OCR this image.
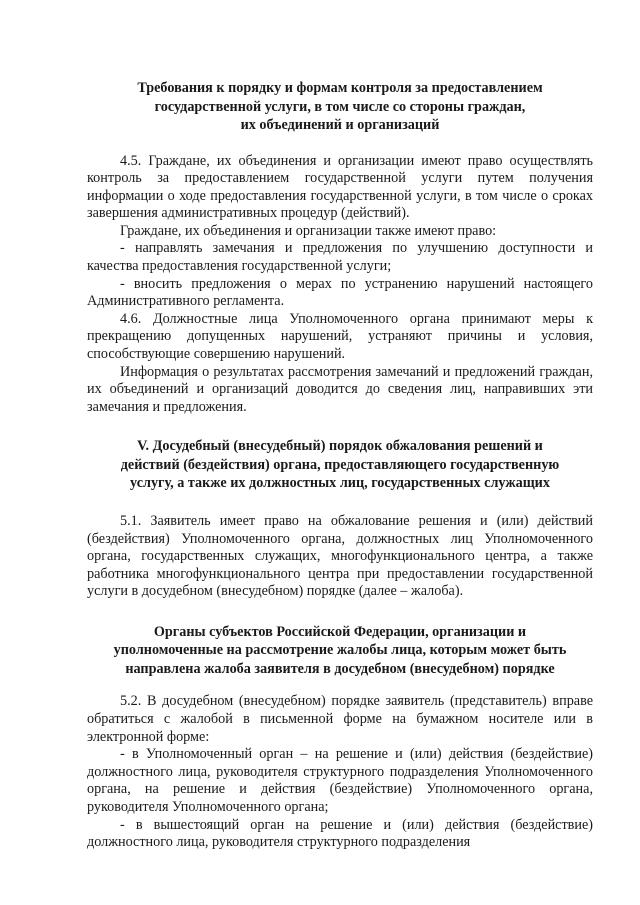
Требования к порядку и формам контроля за предоставлением
государственной услуги, в том числе со стороны граждан,
их объединений и организаций

4.5. Граждане, их объединения и организации имеют право осуществлять контроль за предоставлением государственной услуги путем получения информации о ходе предоставления государственной услуги, в том числе о сроках завершения административных процедур (действий).

Граждане, их объединения и организации также имеют право:

- направлять замечания и предложения по улучшению доступности и качества предоставления государственной услуги;

- вносить предложения о мерах по устранению нарушений настоящего Административного регламента.

4.6. Должностные лица Уполномоченного органа принимают меры к прекращению допущенных нарушений, устраняют причины и условия, способствующие совершению нарушений.

Информация о результатах рассмотрения замечаний и предложений граждан, их объединений и организаций доводится до сведения лиц, направивших эти замечания и предложения.

V. Досудебный (внесудебный) порядок обжалования решений и
действий (бездействия) органа, предоставляющего государственную
услугу, а также их должностных лиц, государственных служащих

5.1. Заявитель имеет право на обжалование решения и (или) действий (бездействия) Уполномоченного органа, должностных лиц Уполномоченного органа, государственных служащих, многофункционального центра, а также работника многофункционального центра при предоставлении государственной услуги в досудебном (внесудебном) порядке (далее – жалоба).

Органы субъектов Российской Федерации, организации и
уполномоченные на рассмотрение жалобы лица, которым может быть
направлена жалоба заявителя в досудебном (внесудебном) порядке

5.2. В досудебном (внесудебном) порядке заявитель (представитель) вправе обратиться с жалобой в письменной форме на бумажном носителе или в электронной форме:

- в Уполномоченный орган – на решение и (или) действия (бездействие) должностного лица, руководителя структурного подразделения Уполномоченного органа, на решение и действия (бездействие) Уполномоченного органа, руководителя Уполномоченного органа;

- в вышестоящий орган на решение и (или) действия (бездействие) должностного лица, руководителя структурного подразделения
